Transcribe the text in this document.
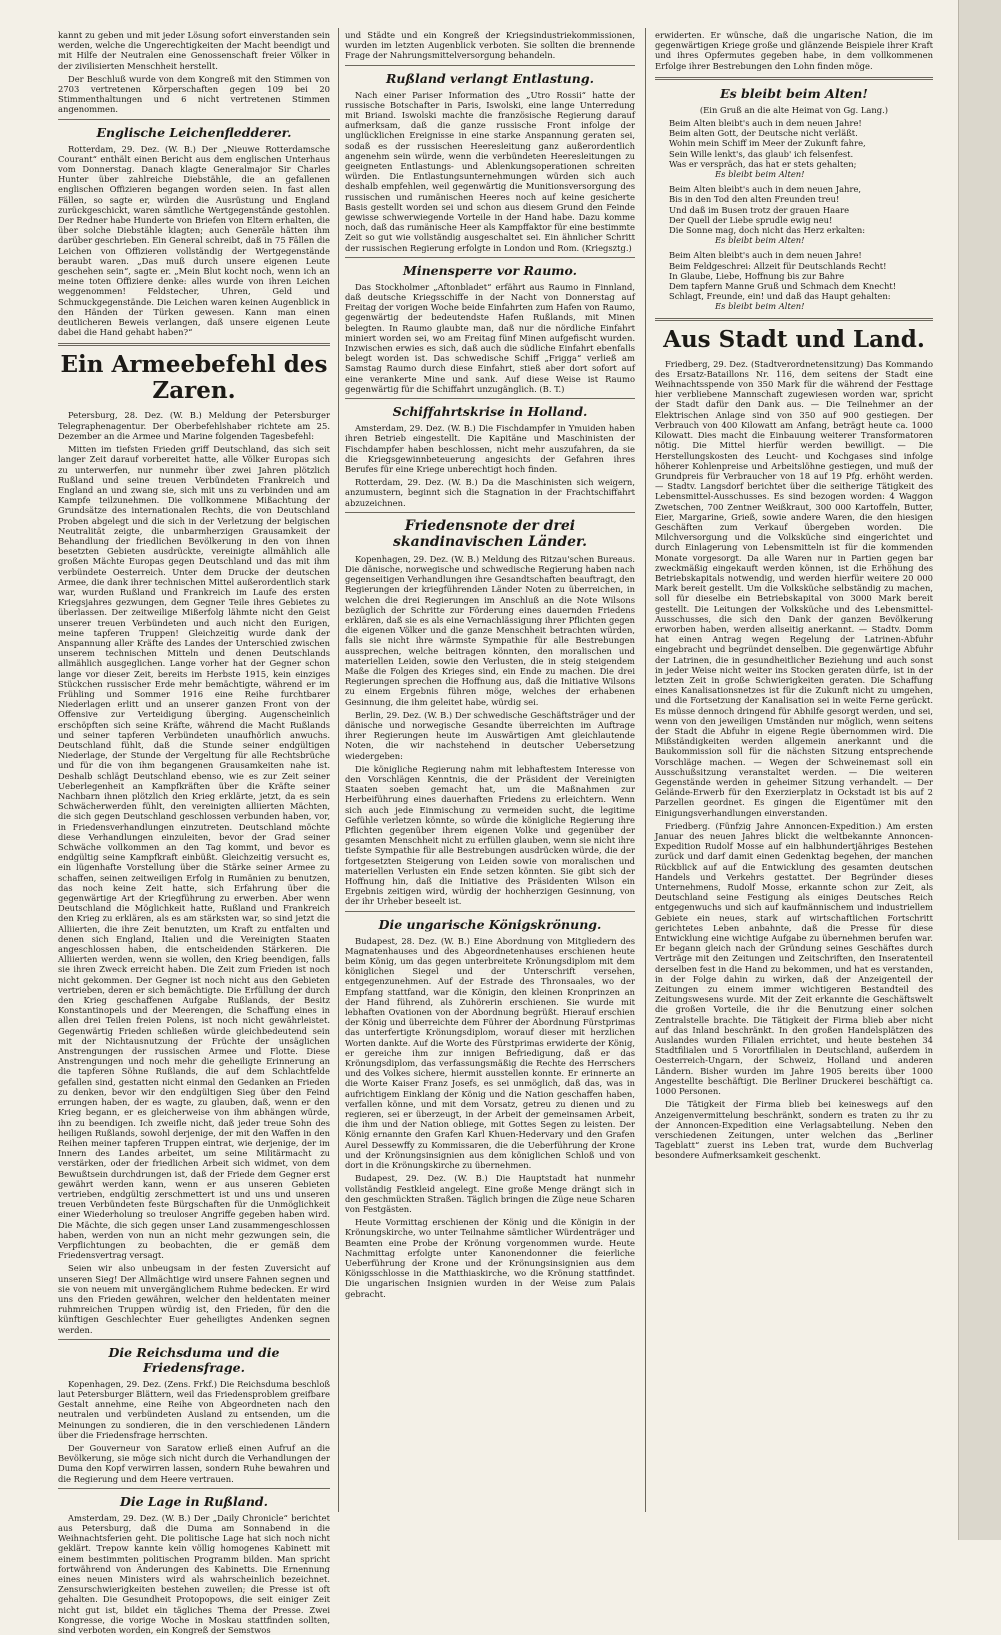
kannt zu geben und mit jeder Lösung sofort einverstanden sein werden, welche die Ungerechtigkeiten der Macht beendigt und mit Hilfe der Neutralen eine Genossenschaft freier Völker in der zivilisierten Menschheit herstellt.

Der Beschluß wurde von dem Kongreß mit den Stimmen von 2703 vertretenen Körperschaften gegen 109 bei 20 Stimmenthaltungen und 6 nicht vertretenen Stimmen angenommen.

Englische Leichenfledderer.

Rotterdam, 29. Dez. (W. B.) Der „Nieuwe Rotterdamsche Courant“ enthält einen Bericht aus dem englischen Unterhaus vom Donnerstag. Danach klagte Generalmajor Sir Charles Hunter über zahlreiche Diebstähle, die an gefallenen englischen Offizieren begangen worden seien. In fast allen Fällen, so sagte er, würden die Ausrüstung und England zurückgeschickt, waren sämtliche Wertgegenstände gestohlen. Der Redner habe Hunderte von Briefen von Eltern erhalten, die über solche Diebstähle klagten; auch Generäle hätten ihm darüber geschrieben. Ein General schreibt, daß in 75 Fällen die Leichen von Offizieren vollständig der Wertgegenstände beraubt waren. „Das muß durch unsere eigenen Leute geschehen sein“, sagte er. „Mein Blut kocht noch, wenn ich an meine toten Offiziere denke: alles wurde von ihren Leichen weggenommen! Feldstecher, Uhren, Geld und Schmuckgegenstände. Die Leichen waren keinen Augenblick in den Händen der Türken gewesen. Kann man einen deutlicheren Beweis verlangen, daß unsere eigenen Leute dabei die Hand gehabt haben?“

Ein Armeebefehl des Zaren.

Petersburg, 28. Dez. (W. B.) Meldung der Petersburger Telegraphenagentur. Der Oberbefehlshaber richtete am 25. Dezember an die Armee und Marine folgenden Tagesbefehl:

Mitten im tiefsten Frieden griff Deutschland, das sich seit langer Zeit darauf vorbereitet hatte, alle Völker Europas sich zu unterwerfen, nur nunmehr über zwei Jahren plötzlich Rußland und seine treuen Verbündeten Frankreich und England an und zwang sie, sich mit uns zu verbinden und am Kampfe teilzunehmen. Die vollkommene Mißachtung der Grundsätze des internationalen Rechts, die von Deutschland Proben abgelegt und die sich in der Verletzung der belgischen Neutralität zeigte, die unbarmherzigen Grausamkeit der Behandlung der friedlichen Bevölkerung in den von ihnen besetzten Gebieten ausdrückte, vereinigte allmählich alle großen Mächte Europas gegen Deutschland und das mit ihm verbündete Oesterreich. Unter dem Drucke der deutschen Armee, die dank ihrer technischen Mittel außerordentlich stark war, wurden Rußland und Frankreich im Laufe des ersten Kriegsjahres gezwungen, dem Gegner Teile ihres Gebietes zu überlassen. Der zeitweilige Mißerfolg lähmte nicht den Geist unserer treuen Verbündeten und auch nicht den Eurigen, meine tapferen Truppen! Gleichzeitig wurde dank der Anspannung aller Kräfte des Landes der Unterschied zwischen unserem technischen Mitteln und denen Deutschlands allmählich ausgeglichen. Lange vorher hat der Gegner schon lange vor dieser Zeit, bereits im Herbste 1915, kein einziges Stückchen russischer Erde mehr bemächtigte, während er im Frühling und Sommer 1916 eine Reihe furchtbarer Niederlagen erlitt und an unserer ganzen Front von der Offensive zur Verteidigung überging. Augenscheinlich erschöpften sich seine Kräfte, während die Macht Rußlands und seiner tapferen Verbündeten unaufhörlich anwuchs. Deutschland fühlt, daß die Stunde seiner endgültigen Niederlage, der Stunde der Vergeltung für alle Rechtsbrüche und für die von ihm begangenen Grausamkeiten nahe ist. Deshalb schlägt Deutschland ebenso, wie es zur Zeit seiner Ueberlegenheit an Kampfkräften über die Kräfte seiner Nachbarn ihnen plötzlich den Krieg erklärte, jetzt, da es sein Schwächerwerden fühlt, den vereinigten alliierten Mächten, die sich gegen Deutschland geschlossen verbunden haben, vor, in Friedensverhandlungen einzutreten. Deutschland möchte diese Verhandlungen einzuleiten, bevor der Grad seiner Schwäche vollkommen an den Tag kommt, und bevor es endgültig seine Kampfkraft einbüßt. Gleichzeitig versucht es, ein lügenhafte Vorstellung über die Stärke seiner Armee zu schaffen, seinen zeitweiligen Erfolg in Rumänien zu benutzen, das noch keine Zeit hatte, sich Erfahrung über die gegenwärtige Art der Kriegführung zu erwerben. Aber wenn Deutschland die Möglichkeit hatte, Rußland und Frankreich den Krieg zu erklären, als es am stärksten war, so sind jetzt die Alliierten, die ihre Zeit benutzten, um Kraft zu entfalten und denen sich England, Italien und die Vereinigten Staaten angeschlossen haben, die entscheidenden Stärkeren. Die Alliierten werden, wenn sie wollen, den Krieg beendigen, falls sie ihren Zweck erreicht haben. Die Zeit zum Frieden ist noch nicht gekommen. Der Gegner ist noch nicht aus den Gebieten vertrieben, deren er sich bemächtigte. Die Erfüllung der durch den Krieg geschaffenen Aufgabe Rußlands, der Besitz Konstantinopels und der Meerengen, die Schaffung eines in allen drei Teilen freien Polens, ist noch nicht gewährleistet. Gegenwärtig Frieden schließen würde gleichbedeutend sein mit der Nichtausnutzung der Früchte der unsäglichen Anstrengungen der russischen Armee und Flotte. Diese Anstrengungen und noch mehr die geheiligte Erinnerung an die tapferen Söhne Rußlands, die auf dem Schlachtfelde gefallen sind, gestatten nicht einmal den Gedanken an Frieden zu denken, bevor wir den endgültigen Sieg über den Feind errungen haben, der es wagte, zu glauben, daß, wenn er den Krieg begann, er es gleicherweise von ihm abhängen würde, ihn zu beendigen. Ich zweifle nicht, daß jeder treue Sohn des heiligen Rußlands, sowohl derjenige, der mit den Waffen in den Reihen meiner tapferen Truppen eintrat, wie derjenige, der im Innern des Landes arbeitet, um seine Militärmacht zu verstärken, oder der friedlichen Arbeit sich widmet, von dem Bewußtsein durchdrungen ist, daß der Friede dem Gegner erst gewährt werden kann, wenn er aus unseren Gebieten vertrieben, endgültig zerschmettert ist und uns und unseren treuen Verbündeten feste Bürgschaften für die Unmöglichkeit einer Wiederholung so treuloser Angriffe gegeben haben wird. Die Mächte, die sich gegen unser Land zusammengeschlossen haben, werden von nun an nicht mehr gezwungen sein, die Verpflichtungen zu beobachten, die er gemäß dem Friedensvertrag versagt.

Seien wir also unbeugsam in der festen Zuversicht auf unseren Sieg! Der Allmächtige wird unsere Fahnen segnen und sie von neuem mit unvergänglichem Ruhme bedecken. Er wird uns den Frieden gewähren, welcher den heldentaten meiner ruhmreichen Truppen würdig ist, den Frieden, für den die künftigen Geschlechter Euer geheiligtes Andenken segnen werden.

Die Reichsduma und die Friedensfrage.

Kopenhagen, 29. Dez. (Zens. Frkf.) Die Reichsduma beschloß laut Petersburger Blättern, weil das Friedensproblem greifbare Gestalt annehme, eine Reihe von Abgeordneten nach den neutralen und verbündeten Ausland zu entsenden, um die Meinungen zu sondieren, die in den verschiedenen Ländern über die Friedensfrage herrschten.

Der Gouverneur von Saratow erließ einen Aufruf an die Bevölkerung, sie möge sich nicht durch die Verhandlungen der Duma den Kopf verwirren lassen, sondern Ruhe bewahren und die Regierung und dem Heere vertrauen.

Die Lage in Rußland.

Amsterdam, 29. Dez. (W. B.) Der „Daily Chronicle“ berichtet aus Petersburg, daß die Duma am Sonnabend in die Weihnachtsferien geht. Die politische Lage hat sich noch nicht geklärt. Trepow kannte kein völlig homogenes Kabinett mit einem bestimmten politischen Programm bilden. Man spricht fortwährend von Änderungen des Kabinetts. Die Ernennung eines neuen Ministers wird als wahrscheinlich bezeichnet. Zensurschwierigkeiten bestehen zuweilen; die Presse ist oft gehalten. Die Gesundheit Protopopows, die seit einiger Zeit nicht gut ist, bildet ein tägliches Thema der Presse. Zwei Kongresse, die vorige Woche in Moskau stattfinden sollten, sind verboten worden, ein Kongreß der Semstwos

und Städte und ein Kongreß der Kriegsindustriekommissionen, wurden im letzten Augenblick verboten. Sie sollten die brennende Frage der Nahrungsmittelversorgung behandeln.

Rußland verlangt Entlastung.

Nach einer Pariser Information des „Utro Rossii“ hatte der russische Botschafter in Paris, Iswolski, eine lange Unterredung mit Briand. Iswolski machte die französische Regierung darauf aufmerksam, daß die ganze russische Front infolge der unglücklichen Ereignisse in eine starke Anspannung geraten sei, sodaß es der russischen Heeresleitung ganz außerordentlich angenehm sein würde, wenn die verbündeten Heeresleitungen zu geeigneten Entlastungs- und Ablenkungsoperationen schreiten würden. Die Entlastungsunternehmungen würden sich auch deshalb empfehlen, weil gegenwärtig die Munitionsversorgung des russischen und rumänischen Heeres noch auf keine gesicherte Basis gestellt worden sei und schon aus diesem Grund den Feinde gewisse schwerwiegende Vorteile in der Hand habe. Dazu komme noch, daß das rumänische Heer als Kampffaktor für eine bestimmte Zeit so gut wie vollständig ausgeschaltet sei. Ein ähnlicher Schritt der russischen Regierung erfolgte in London und Rom. (Kriegsztg.)

Minensperre vor Raumo.

Das Stockholmer „Aftonbladet“ erfährt aus Raumo in Finnland, daß deutsche Kriegsschiffe in der Nacht von Donnerstag auf Freitag der vorigen Woche beide Einfahrten zum Hafen von Raumo, gegenwärtig der bedeutendste Hafen Rußlands, mit Minen belegten. In Raumo glaubte man, daß nur die nördliche Einfahrt miniert worden sei, wo am Freitag fünf Minen aufgefischt wurden. Inzwischen erwies es sich, daß auch die südliche Einfahrt ebenfalls belegt worden ist. Das schwedische Schiff „Frigga“ verließ am Samstag Raumo durch diese Einfahrt, stieß aber dort sofort auf eine verankerte Mine und sank. Auf diese Weise ist Raumo gegenwärtig für die Schiffahrt unzugänglich. (B. T.)

Schiffahrtskrise in Holland.

Amsterdam, 29. Dez. (W. B.) Die Fischdampfer in Ymuiden haben ihren Betrieb eingestellt. Die Kapitäne und Maschinisten der Fischdampfer haben beschlossen, nicht mehr auszufahren, da sie die Kriegsgewinnbeteuerung angesichts der Gefahren ihres Berufes für eine Kriege unberechtigt hoch finden.

Rotterdam, 29. Dez. (W. B.) Da die Maschinisten sich weigern, anzumustern, beginnt sich die Stagnation in der Frachtschiffahrt abzuzeichnen.

Friedensnote der drei skandinavischen Länder.

Kopenhagen, 29. Dez. (W. B.) Meldung des Ritzau'schen Bureaus. Die dänische, norwegische und schwedische Regierung haben nach gegenseitigen Verhandlungen ihre Gesandtschaften beauftragt, den Regierungen der kriegführenden Länder Noten zu überreichen, in welchen die drei Regierungen im Anschluß an die Note Wilsons bezüglich der Schritte zur Förderung eines dauernden Friedens erklären, daß sie es als eine Vernachlässigung ihrer Pflichten gegen die eigenen Völker und die ganze Menschheit betrachten würden, falls sie nicht ihre wärmste Sympathie für alle Bestrebungen aussprechen, welche beitragen könnten, den moralischen und materiellen Leiden, sowie den Verlusten, die in steig steigendem Maße die Folgen des Krieges sind, ein Ende zu machen. Die drei Regierungen sprechen die Hoffnung aus, daß die Initiative Wilsons zu einem Ergebnis führen möge, welches der erhabenen Gesinnung, die ihm geleitet habe, würdig sei.

Berlin, 29. Dez. (W. B.) Der schwedische Geschäftsträger und der dänische und norwegische Gesandte überreichten im Auftrage ihrer Regierungen heute im Auswärtigen Amt gleichlautende Noten, die wir nachstehend in deutscher Uebersetzung wiedergeben:

Die königliche Regierung nahm mit lebhaftestem Interesse von den Vorschlägen Kenntnis, die der Präsident der Vereinigten Staaten soeben gemacht hat, um die Maßnahmen zur Herbeiführung eines dauerhaften Friedens zu erleichtern. Wenn sich auch jede Einmischung zu vermeiden sucht, die legitime Gefühle verletzen könnte, so würde die königliche Regierung ihre Pflichten gegenüber ihrem eigenen Volke und gegenüber der gesamten Menschheit nicht zu erfüllen glauben, wenn sie nicht ihre tiefste Sympathie für alle Bestrebungen ausdrücken würde, die der fortgesetzten Steigerung von Leiden sowie von moralischen und materiellen Verlusten ein Ende setzen könnten. Sie gibt sich der Hoffnung hin, daß die Initiative des Präsidenten Wilson ein Ergebnis zeitigen wird, würdig der hochherzigen Gesinnung, von der ihr Urheber beseelt ist.

Die ungarische Königskrönung.

Budapest, 28. Dez. (W. B.) Eine Abordnung von Mitgliedern des Magnatenhauses und des Abgeordnetenhauses erschienen heute beim König, um das gegen unterbreitete Krönungsdiplom mit dem königlichen Siegel und der Unterschrift versehen, entgegenzunehmen. Auf der Estrade des Thronsaales, wo der Empfang stattfand, war die Königin, den kleinen Kronprinzen an der Hand führend, als Zuhörerin erschienen. Sie wurde mit lebhaften Ovationen von der Abordnung begrüßt. Hierauf erschien der König und überreichte dem Führer der Abordnung Fürstprimas das unterfertigte Krönungsdiplom, worauf dieser mit herzlichen Worten dankte. Auf die Worte des Fürstprimas erwiderte der König, er gereiche ihm zur innigen Befriedigung, daß er das Krönungsdiplom, das verfassungsmäßig die Rechte des Herrschers und des Volkes sichere, hiermit ausstellen konnte. Er erinnerte an die Worte Kaiser Franz Josefs, es sei unmöglich, daß das, was in aufrichtigem Einklang der König und die Nation geschaffen haben, verfallen könne, und mit dem Vorsatz, getreu zu dienen und zu regieren, sei er überzeugt, in der Arbeit der gemeinsamen Arbeit, die ihm und der Nation obliege, mit Gottes Segen zu leisten. Der König ernannte den Grafen Karl Khuen-Hedervary und den Grafen Aurel Dessewffy zu Kommissaren, die die Ueberführung der Krone und der Krönungsinsignien aus dem königlichen Schloß und von dort in die Krönungskirche zu übernehmen.

Budapest, 29. Dez. (W. B.) Die Hauptstadt hat nunmehr vollständig Festkleid angelegt. Eine große Menge drängt sich in den geschmückten Straßen. Täglich bringen die Züge neue Scharen von Festgästen.

Heute Vormittag erschienen der König und die Königin in der Krönungskirche, wo unter Teilnahme sämtlicher Würdenträger und Beamten eine Probe der Krönung vorgenommen wurde. Heute Nachmittag erfolgte unter Kanonendonner die feierliche Ueberführung der Krone und der Krönungsinsignien aus dem Königsschlosse in die Matthiaskirche, wo die Krönung stattfindet. Die ungarischen Insignien wurden in der Weise zum Palais gebracht.

erwiderten. Er wünsche, daß die ungarische Nation, die im gegenwärtigen Kriege große und glänzende Beispiele ihrer Kraft und ihres Opfermutes gegeben habe, in dem vollkommenen Erfolge ihrer Bestrebungen den Lohn finden möge.

Es bleibt beim Alten!

(Ein Gruß an die alte Heimat von Gg. Lang.)

Beim Alten bleibt's auch in dem neuen Jahre!
Beim alten Gott, der Deutsche nicht verläßt.
Wohin mein Schiff im Meer der Zukunft fahre,
Sein Wille lenkt's, das glaub' ich felsenfest.
Was er verspräch, das hat er stets gehalten;
Es bleibt beim Alten!
Beim Alten bleibt's auch in dem neuen Jahre,
Bis in den Tod den alten Freunden treu!
Und daß im Busen trotz der grauen Haare
Der Quell der Liebe sprudle ewig neu!
Die Sonne mag, doch nicht das Herz erkalten:
Es bleibt beim Alten!
Beim Alten bleibt's auch in dem neuen Jahre!
Beim Feldgeschrei: Allzeit für Deutschlands Recht!
In Glaube, Liebe, Hoffnung bis zur Bahre
Dem tapfern Manne Gruß und Schmach dem Knecht!
Schlagt, Freunde, ein! und daß das Haupt gehalten:
Es bleibt beim Alten!
Aus Stadt und Land.

Friedberg, 29. Dez. (Stadtverordnetensitzung) Das Kommando des Ersatz-Bataillons Nr. 116, dem seitens der Stadt eine Weihnachtsspende von 350 Mark für die während der Festtage hier verbliebene Mannschaft zugewiesen worden war, spricht der Stadt dafür den Dank aus. — Die Teilnehmer an der Elektrischen Anlage sind von 350 auf 900 gestiegen. Der Verbrauch von 400 Kilowatt am Anfang, beträgt heute ca. 1000 Kilowatt. Dies macht die Einbauung weiterer Transformatoren nötig. Die Mittel hierfür werden bewilligt. — Die Herstellungskosten des Leucht- und Kochgases sind infolge höherer Kohlenpreise und Arbeitslöhne gestiegen, und muß der Grundpreis für Verbraucher von 18 auf 19 Pfg. erhöht werden. — Stadtv. Langsdorf berichtet über die seitherige Tätigkeit des Lebensmittel-Ausschusses. Es sind bezogen worden: 4 Waggon Zwetschen, 700 Zentner Weißkraut, 300 000 Kartoffeln, Butter, Eier, Margarine, Grieß, sowie andere Waren, die den hiesigen Geschäften zum Verkauf übergeben worden. Die Milchversorgung und die Volksküche sind eingerichtet und durch Einlagerung von Lebensmitteln ist für die kommenden Monate vorgesorgt. Da alle Waren nur in Partien gegen bar zweckmäßig eingekauft werden können, ist die Erhöhung des Betriebskapitals notwendig, und werden hierfür weitere 20 000 Mark bereit gestellt. Um die Volksküche selbständig zu machen, soll für dieselbe ein Betriebskapital von 3000 Mark bereit gestellt. Die Leitungen der Volksküche und des Lebensmittel-Ausschusses, die sich den Dank der ganzen Bevölkerung erworben haben, werden allseitig anerkannt. — Stadtv. Domm hat einen Antrag wegen Regelung der Latrinen-Abfuhr eingebracht und begründet denselben. Die gegenwärtige Abfuhr der Latrinen, die in gesundheitlicher Beziehung und auch sonst in jeder Weise nicht weiter ins Stocken geraten dürfe, ist in der letzten Zeit in große Schwierigkeiten geraten. Die Schaffung eines Kanalisationsnetzes ist für die Zukunft nicht zu umgehen, und die Fortsetzung der Kanalisation sei in weite Ferne gerückt. Es müsse dennoch dringend für Abhilfe gesorgt werden, und sei, wenn von den jeweiligen Umständen nur möglich, wenn seitens der Stadt die Abfuhr in eigene Regie übernommen wird. Die Mißständigkeiten werden allgemein anerkannt und die Baukommission soll für die nächsten Sitzung entsprechende Vorschläge machen. — Wegen der Schweinemast soll ein Ausschußsitzung veranstaltet werden. — Die weiteren Gegenstände werden in geheimer Sitzung verhandelt. — Der Gelände-Erwerb für den Exerzierplatz in Ockstadt ist bis auf 2 Parzellen geordnet. Es gingen die Eigentümer mit den Einigungsverhandlungen einverstanden.

Friedberg. (Fünfzig Jahre Annoncen-Expedition.) Am ersten Januar des neuen Jahres blickt die weltbekannte Annoncen-Expedition Rudolf Mosse auf ein halbhundertjähriges Bestehen zurück und darf damit einen Gedenktag begehen, der manchen Rückblick auf auf die Entwicklung des gesamten deutschen Handels und Verkehrs gestattet. Der Begründer dieses Unternehmens, Rudolf Mosse, erkannte schon zur Zeit, als Deutschland seine Festigung als einiges Deutsches Reich entgegenwuchs und sich auf kaufmännischem und industriellem Gebiete ein neues, stark auf wirtschaftlichen Fortschritt gerichtetes Leben anbahnte, daß die Presse für diese Entwicklung eine wichtige Aufgabe zu übernehmen berufen war. Er begann gleich nach der Gründung seines Geschäftes durch Verträge mit den Zeitungen und Zeitschriften, den Inseratenteil derselben fest in die Hand zu bekommen, und hat es verstanden, in der Folge dahin zu wirken, daß der Anzeigenteil der Zeitungen zu einem immer wichtigeren Bestandteil des Zeitungswesens wurde. Mit der Zeit erkannte die Geschäftswelt die großen Vorteile, die ihr die Benutzung einer solchen Zentralstelle brachte. Die Tätigkeit der Firma blieb aber nicht auf das Inland beschränkt. In den großen Handelsplätzen des Auslandes wurden Filialen errichtet, und heute bestehen 34 Stadtfilialen und 5 Vorortfilialen in Deutschland, außerdem in Oesterreich-Ungarn, der Schweiz, Holland und anderen Ländern. Bisher wurden im Jahre 1905 bereits über 1000 Angestellte beschäftigt. Die Berliner Druckerei beschäftigt ca. 1000 Personen.

Die Tätigkeit der Firma blieb bei keineswegs auf den Anzeigenvermittelung beschränkt, sondern es traten zu ihr zu der Annoncen-Expedition eine Verlagsabteilung. Neben den verschiedenen Zeitungen, unter welchen das „Berliner Tageblatt“ zuerst ins Leben trat, wurde dem Buchverlag besondere Aufmerksamkeit geschenkt.
